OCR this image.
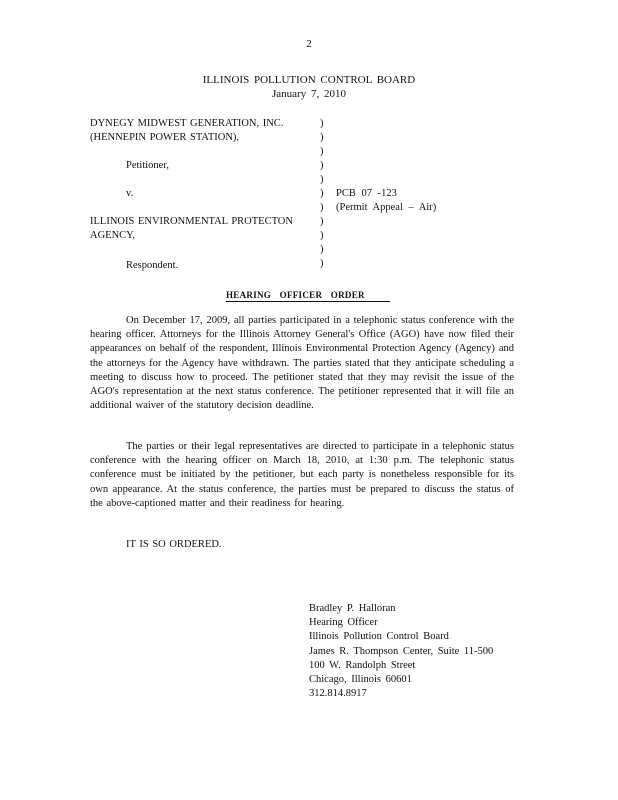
2
ILLINOIS POLLUTION CONTROL BOARD
January 7, 2010
DYNEGY MIDWEST GENERATION, INC.
(HENNEPIN POWER STATION),
Petitioner,
v.
ILLINOIS ENVIRONMENTAL PROTECTON
AGENCY,
Respondent.
)
)
)
)
)
)
)
)
)
)
)
PCB 07 -123
(Permit Appeal – Air)
HEARING OFFICER ORDER

On December 17, 2009, all parties participated in a telephonic status conference with the hearing officer. Attorneys for the Illinois Attorney General's Office (AGO) have now filed their appearances on behalf of the respondent, Illinois Environmental Protection Agency (Agency) and the attorneys for the Agency have withdrawn. The parties stated that they anticipate scheduling a meeting to discuss how to proceed. The petitioner stated that they may revisit the issue of the AGO's representation at the next status conference. The petitioner represented that it will file an additional waiver of the statutory decision deadline.

The parties or their legal representatives are directed to participate in a telephonic status conference with the hearing officer on March 18, 2010, at 1:30 p.m. The telephonic status conference must be initiated by the petitioner, but each party is nonetheless responsible for its own appearance. At the status conference, the parties must be prepared to discuss the status of the above-captioned matter and their readiness for hearing.

IT IS SO ORDERED.

Bradley P. Halloran
Hearing Officer
Illinois Pollution Control Board
James R. Thompson Center, Suite 11-500
100 W. Randolph Street
Chicago, Illinois 60601
312.814.8917
